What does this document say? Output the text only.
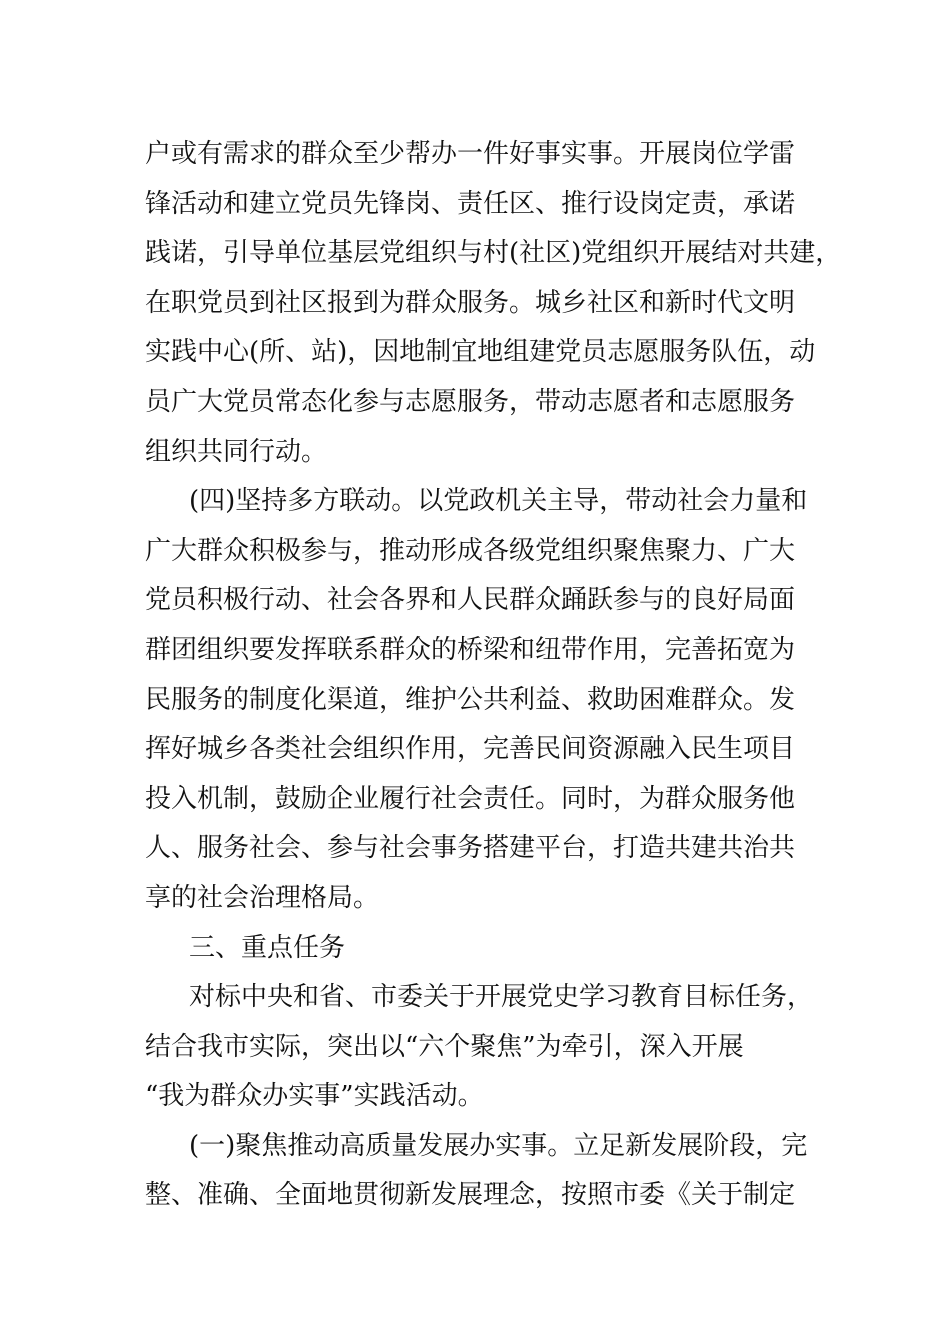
户或有需求的群众至少帮办一件好事实事。开展岗位学雷
锋活动和建立党员先锋岗、责任区、推行设岗定责，承诺
践诺，引导单位基层党组织与村(社区)党组织开展结对共建，
在职党员到社区报到为群众服务。城乡社区和新时代文明
实践中心(所、站)，因地制宜地组建党员志愿服务队伍，动
员广大党员常态化参与志愿服务，带动志愿者和志愿服务
组织共同行动。
(四)坚持多方联动。以党政机关主导，带动社会力量和
广大群众积极参与，推动形成各级党组织聚焦聚力、广大
党员积极行动、社会各界和人民群众踊跃参与的良好局面
群团组织要发挥联系群众的桥梁和纽带作用，完善拓宽为
民服务的制度化渠道，维护公共利益、救助困难群众。发
挥好城乡各类社会组织作用，完善民间资源融入民生项目
投入机制，鼓励企业履行社会责任。同时，为群众服务他
人、服务社会、参与社会事务搭建平台，打造共建共治共
享的社会治理格局。
三、重点任务
对标中央和省、市委关于开展党史学习教育目标任务，
结合我市实际，突出以“六个聚焦”为牵引，深入开展
“我为群众办实事”实践活动。
(一)聚焦推动高质量发展办实事。立足新发展阶段，完
整、准确、全面地贯彻新发展理念，按照市委《关于制定
